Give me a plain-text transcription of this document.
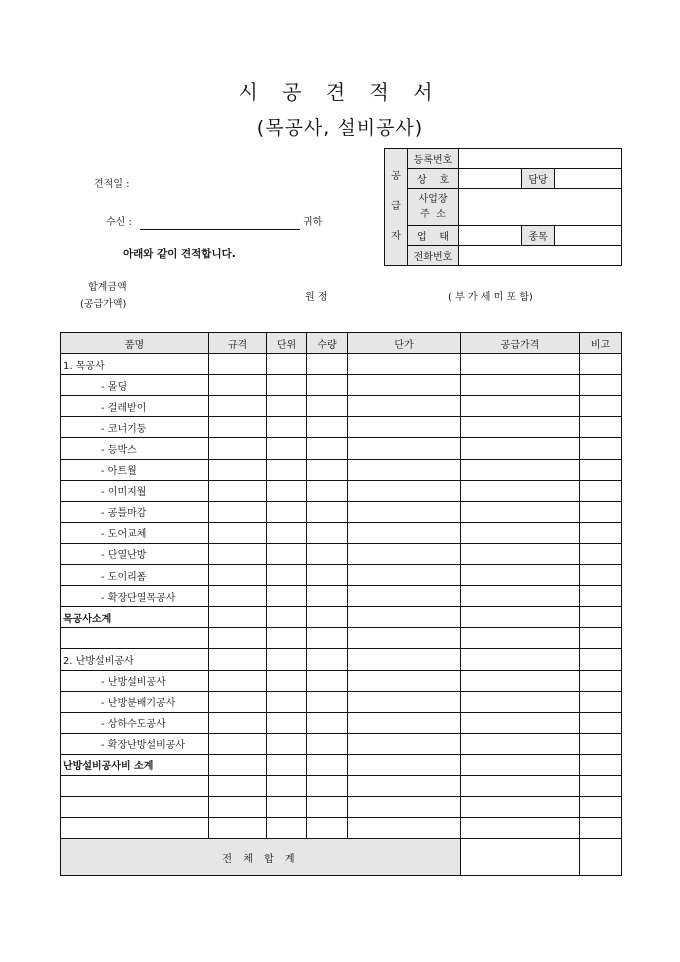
시 공 견 적 서
(목공사, 설비공사)
견적일 :
수신 :	귀하
아래와 같이 견적합니다.
합계금액
(공급가액)
원 정	( 부 가 세 미 포 함)
공
급
자	등록번호			
	상    호		담당	

	사업장
주  소			

	업    태		종목	
	전화번호			
품명	규격	단위	수량	단가	공급가격	비고
1. 목공사						
- 몰딩						
- 걸레받이						
- 코너기둥						
- 등박스						
- 아트월						
- 이미지월						
- 공틀마감						
- 도어교체						
- 단열난방						
- 도이리폼						
- 확장단열목공사						
목공사소계						

2. 난방설비공사						
- 난방설비공사						
- 난방분배기공사						
- 상하수도공사						
- 확장난방설비공사						
난방설비공사비 소계						

전 체 합 계						
